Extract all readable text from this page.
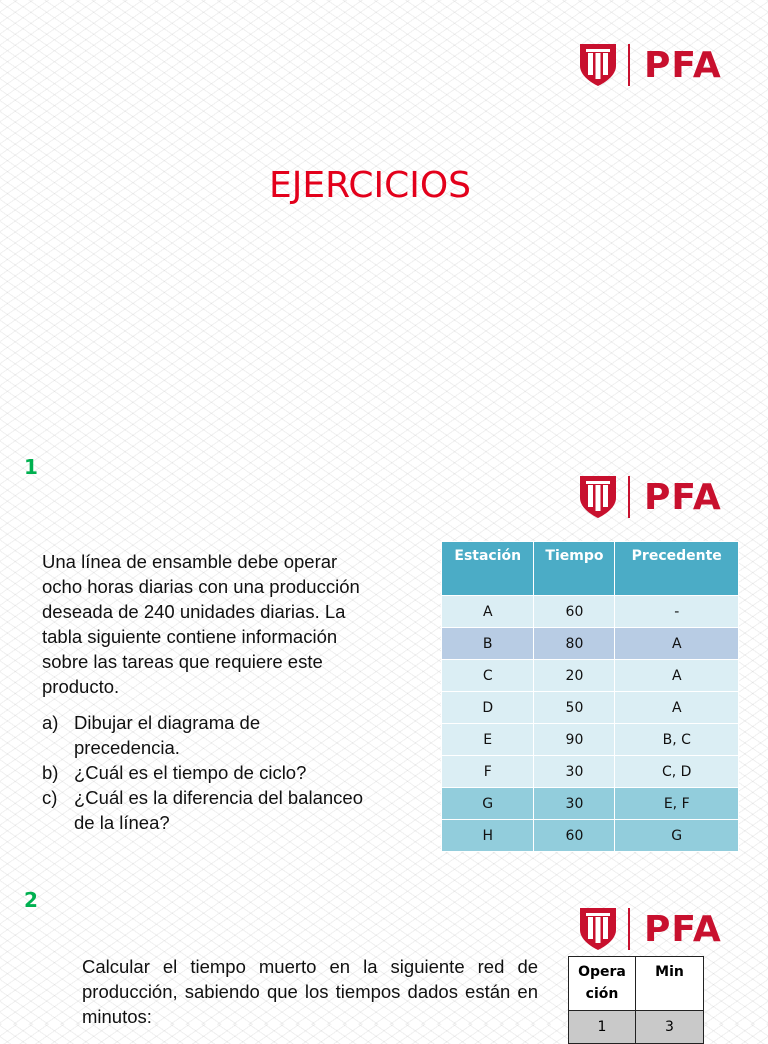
PFA
EJERCICIOS
1
PFA

Una línea de ensamble debe operar
ocho horas diarias con una producción
deseada de 240 unidades diarias. La
tabla siguiente contiene información
sobre las tareas que requiere este
producto.

a) Dibujar el diagrama de
precedencia.
b) ¿Cuál es el tiempo de ciclo?
c) ¿Cuál es la diferencia del balanceo
de la línea?
Estación	Tiempo	Precedente
A	60	-
B	80	A
C	20	A
D	50	A
E	90	B, C
F	30	C, D
G	30	E, F
H	60	G
2
PFA

Calcular el tiempo muerto en la siguiente red de producción, sabiendo que los tiempos dados están en minutos:

Opera ción	Min
1	3
